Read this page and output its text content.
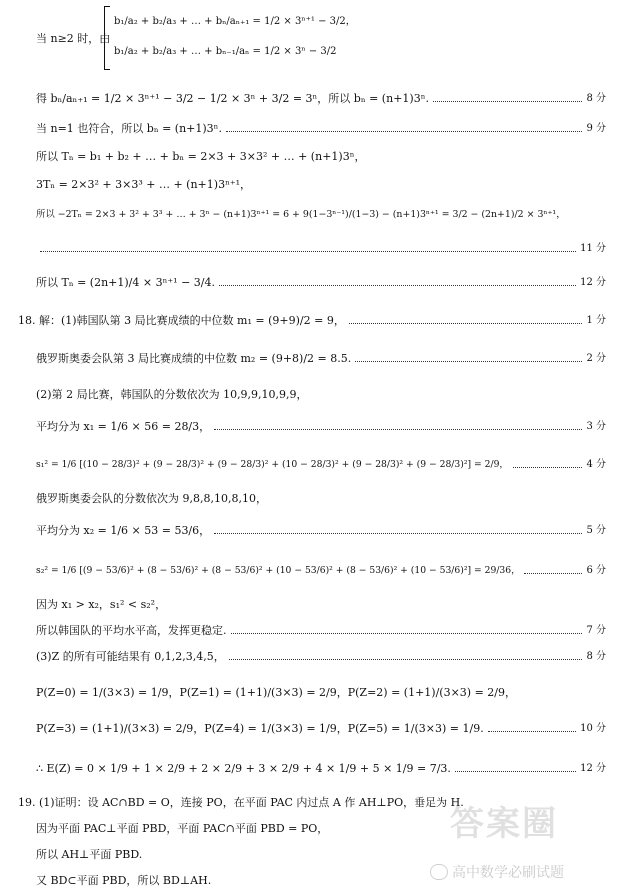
当 n≥2 时，由
b₁/a₂ + b₂/a₃ + … + bₙ/aₙ₊₁ = 1/2 × 3ⁿ⁺¹ − 3/2，
b₁/a₂ + b₂/a₃ + … + bₙ₋₁/aₙ = 1/2 × 3ⁿ − 3/2
得 bₙ/aₙ₊₁ = 1/2 × 3ⁿ⁺¹ − 3/2 − 1/2 × 3ⁿ + 3/2 = 3ⁿ，所以 bₙ = (n+1)3ⁿ.	8 分
当 n=1 也符合，所以 bₙ = (n+1)3ⁿ.	9 分
所以 Tₙ = b₁ + b₂ + … + bₙ = 2×3 + 3×3² + … + (n+1)3ⁿ，
3Tₙ = 2×3² + 3×3³ + … + (n+1)3ⁿ⁺¹，
所以 −2Tₙ = 2×3 + 3² + 3³ + … + 3ⁿ − (n+1)3ⁿ⁺¹ = 6 + 9(1−3ⁿ⁻¹)/(1−3) − (n+1)3ⁿ⁺¹ = 3/2 − (2n+1)/2 × 3ⁿ⁺¹，
11 分
所以 Tₙ = (2n+1)/4 × 3ⁿ⁺¹ − 3/4.	12 分
18. 解：(1)韩国队第 3 局比赛成绩的中位数 m₁ = (9+9)/2 = 9，	1 分
俄罗斯奥委会队第 3 局比赛成绩的中位数 m₂ = (9+8)/2 = 8.5.	2 分
(2)第 2 局比赛，韩国队的分数依次为 10,9,9,10,9,9，
平均分为 x₁ = 1/6 × 56 = 28/3，	3 分
s₁² = 1/6 [(10 − 28/3)² + (9 − 28/3)² + (9 − 28/3)² + (10 − 28/3)² + (9 − 28/3)² + (9 − 28/3)²] = 2/9，	4 分
俄罗斯奥委会队的分数依次为 9,8,8,10,8,10，
平均分为 x₂ = 1/6 × 53 = 53/6，	5 分
s₂² = 1/6 [(9 − 53/6)² + (8 − 53/6)² + (8 − 53/6)² + (10 − 53/6)² + (8 − 53/6)² + (10 − 53/6)²] = 29/36，	6 分
因为 x₁ > x₂，s₁² < s₂²，
所以韩国队的平均水平高，发挥更稳定.	7 分
(3)Z 的所有可能结果有 0,1,2,3,4,5，	8 分
P(Z=0) = 1/(3×3) = 1/9，P(Z=1) = (1+1)/(3×3) = 2/9，P(Z=2) = (1+1)/(3×3) = 2/9，
P(Z=3) = (1+1)/(3×3) = 2/9，P(Z=4) = 1/(3×3) = 1/9，P(Z=5) = 1/(3×3) = 1/9.	10 分
∴ E(Z) = 0 × 1/9 + 1 × 2/9 + 2 × 2/9 + 3 × 2/9 + 4 × 1/9 + 5 × 1/9 = 7/3.	12 分
19. (1)证明：设 AC∩BD = O，连接 PO，在平面 PAC 内过点 A 作 AH⊥PO，垂足为 H.
因为平面 PAC⊥平面 PBD，平面 PAC∩平面 PBD = PO，
所以 AH⊥平面 PBD.
又 BD⊂平面 PBD，所以 BD⊥AH.
答案圈
高中数学必刷试题
